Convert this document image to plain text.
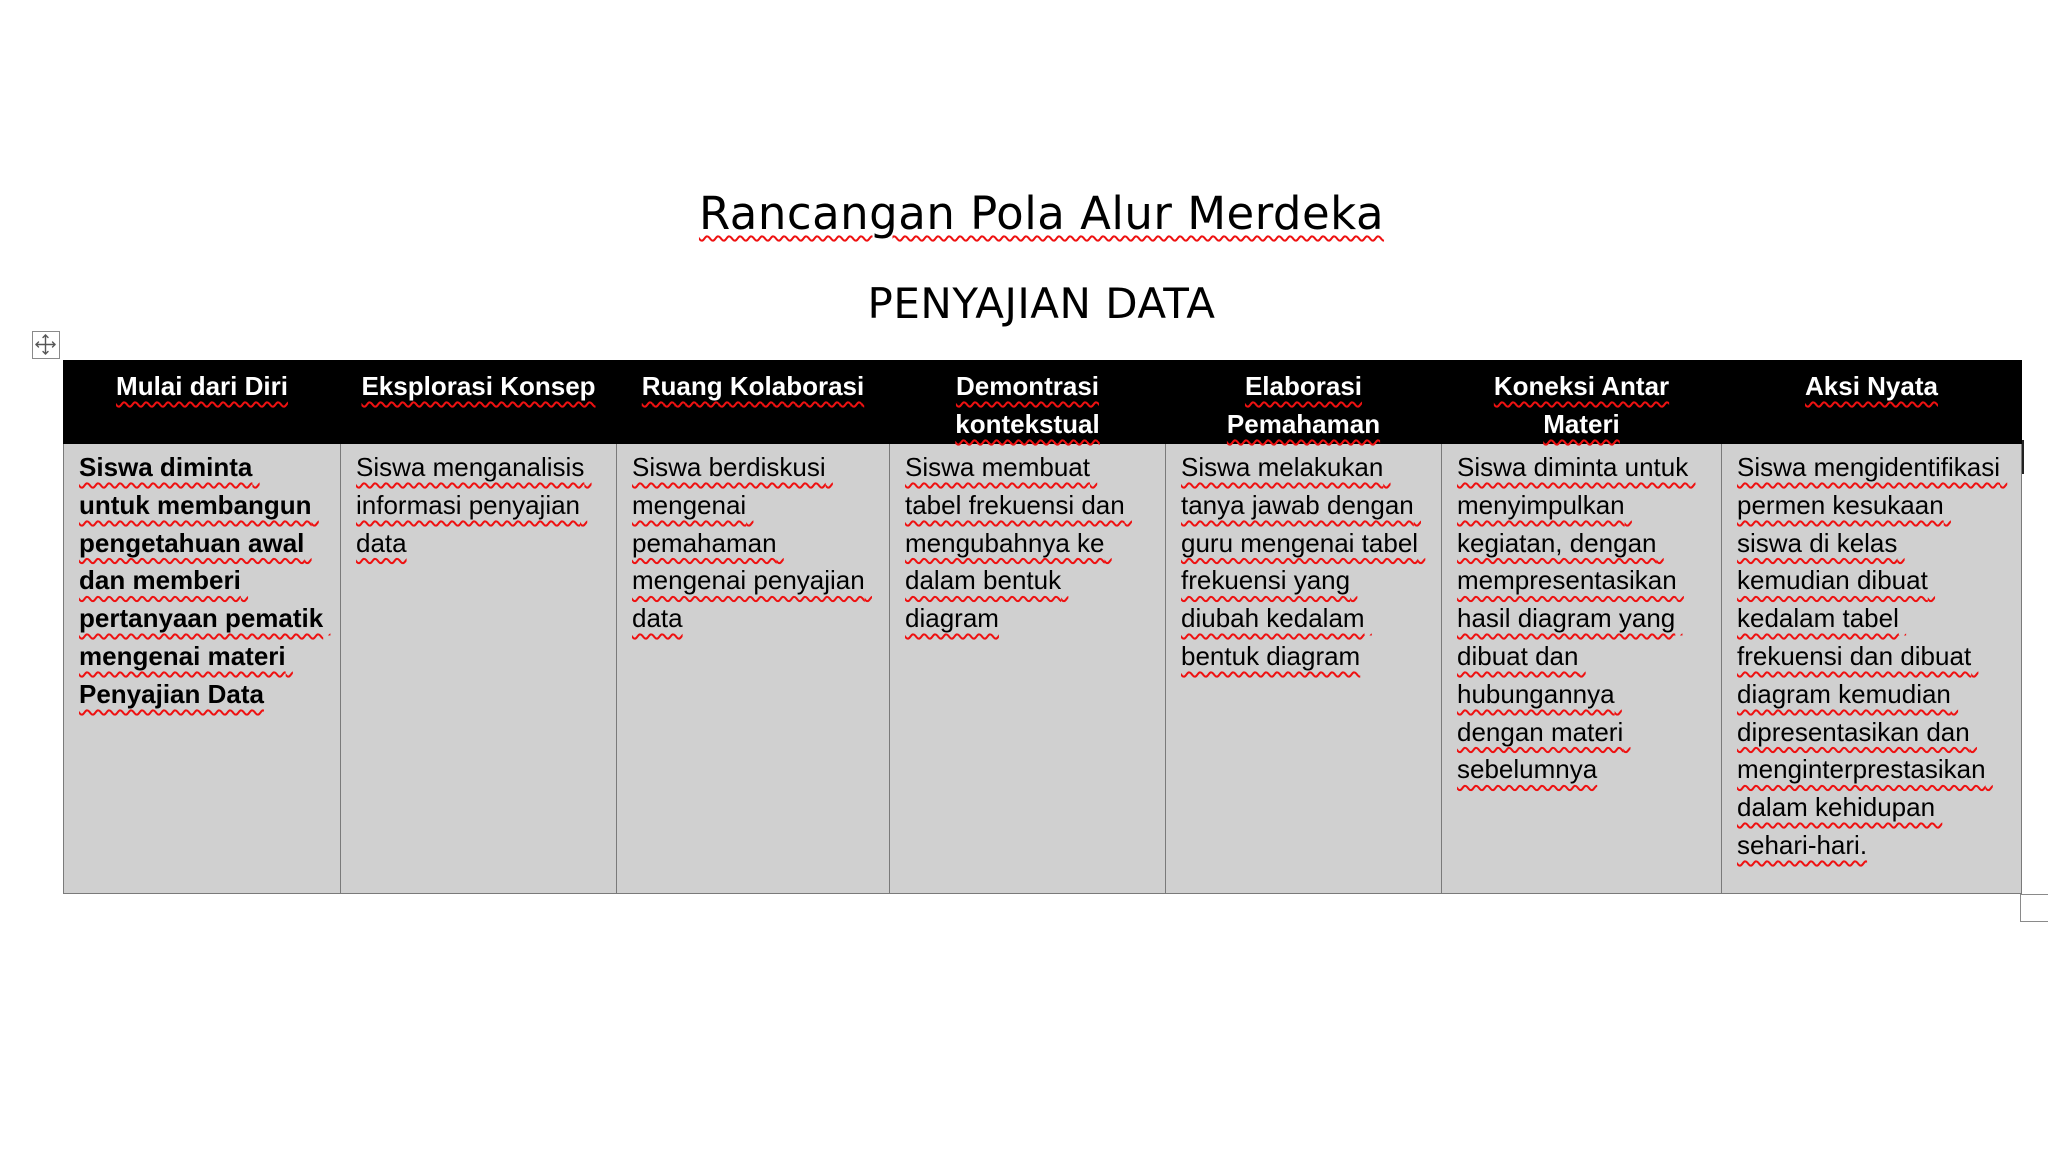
Rancangan Pola Alur Merdeka
PENYAJIAN DATA
Mulai dari Diri	Eksplorasi Konsep	Ruang Kolaborasi	Demontrasi kontekstual	Elaborasi Pemahaman	Koneksi Antar Materi	Aksi Nyata
Siswa diminta untuk membangun pengetahuan awal dan memberi pertanyaan pematik mengenai materi Penyajian Data	Siswa menganalisis informasi penyajian data	Siswa berdiskusi mengenai pemahaman mengenai penyajian data	Siswa membuat tabel frekuensi dan mengubahnya ke dalam bentuk diagram	Siswa melakukan tanya jawab dengan guru mengenai tabel frekuensi yang diubah kedalam bentuk diagram	Siswa diminta untuk menyimpulkan kegiatan, dengan mempresentasikan hasil diagram yang dibuat dan hubungannya dengan materi sebelumnya	Siswa mengidentifikasi permen kesukaan siswa di kelas kemudian dibuat kedalam tabel frekuensi dan dibuat diagram kemudian dipresentasikan dan menginterprestasikan dalam kehidupan sehari-hari.
